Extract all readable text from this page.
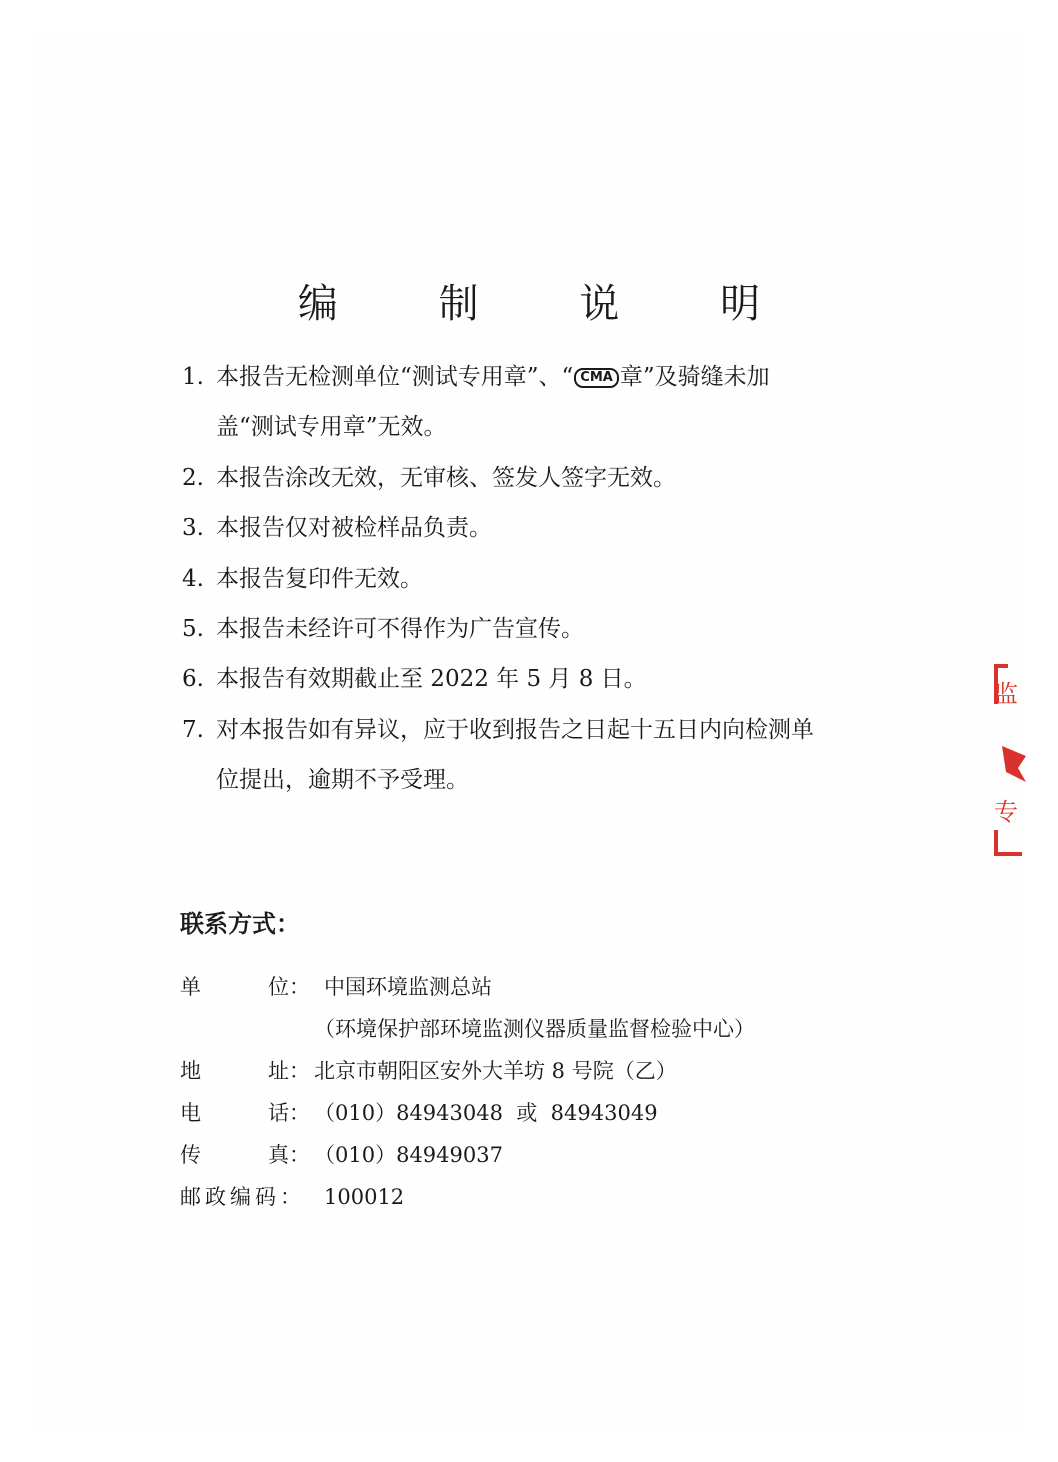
编 制 说 明
1. 本报告无检测单位“测试专用章”、“ CMA 章”及骑缝未加
盖“测试专用章”无效。
2. 本报告涂改无效，无审核、签发人签字无效。
3. 本报告仅对被检样品负责。
4. 本报告复印件无效。
5. 本报告未经许可不得作为广告宣传。
6. 本报告有效期截止至 2022 年 5 月 8 日。
7. 对本报告如有异议，应于收到报告之日起十五日内向检测单
位提出，逾期不予受理。
联系方式：
单	位： 中国环境监测总站
（环境保护部环境监测仪器质量监督检验中心）
地	址： 北京市朝阳区安外大羊坊 8 号院（乙）
电	话： （010）84943048  或  84943049
传	真： （010）84949037
邮政编码： 100012
监
专
